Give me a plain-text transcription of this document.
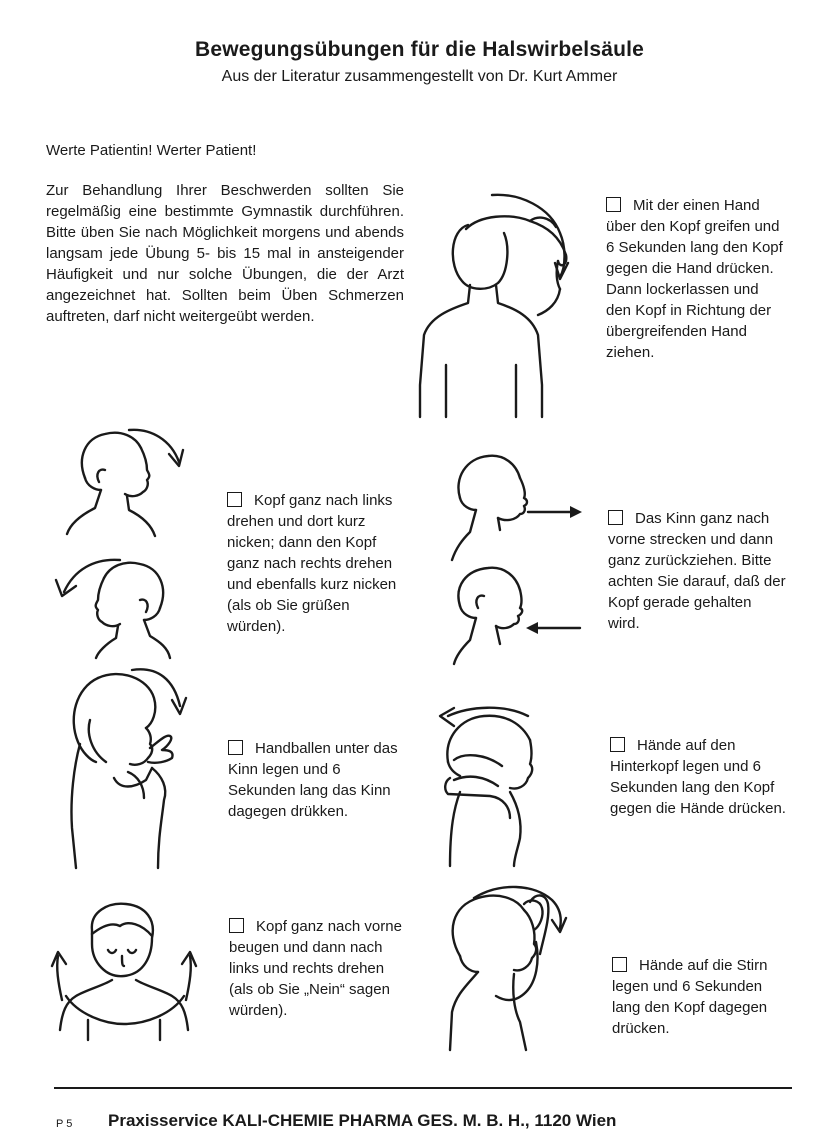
Bewegungsübungen für die Halswirbelsäule
Aus der Literatur zusammengestellt von Dr. Kurt Ammer
Werte Patientin! Werter Patient!
Zur Behandlung Ihrer Beschwerden sollten Sie regelmäßig eine bestimmte Gymnastik durchführen. Bitte üben Sie nach Möglichkeit morgens und abends langsam jede Übung 5- bis 15 mal in ansteigender Häufigkeit und nur solche Übungen, die der Arzt angezeichnet hat. Sollten beim Üben Schmerzen auftreten, darf nicht weitergeübt werden.
Mit der einen Hand über den Kopf greifen und 6 Sekunden lang den Kopf gegen die Hand drücken. Dann lockerlassen und den Kopf in Richtung der übergreifenden Hand ziehen.
Kopf ganz nach links drehen und dort kurz nicken; dann den Kopf ganz nach rechts drehen und ebenfalls kurz nicken (als ob Sie grüßen würden).
Das Kinn ganz nach vorne strecken und dann ganz zurückziehen. Bitte achten Sie darauf, daß der Kopf gerade gehalten wird.
Handballen unter das Kinn legen und 6 Sekunden lang das Kinn dagegen drükken.
Hände auf den Hinterkopf legen und 6 Sekunden lang den Kopf gegen die Hände drücken.
Kopf ganz nach vorne beugen und dann nach links und rechts drehen (als ob Sie „Nein“ sagen würden).
Hände auf die Stirn legen und 6 Sekunden lang den Kopf dagegen drücken.
P 5 Praxisservice KALI-CHEMIE PHARMA GES. M. B. H., 1120 Wien
